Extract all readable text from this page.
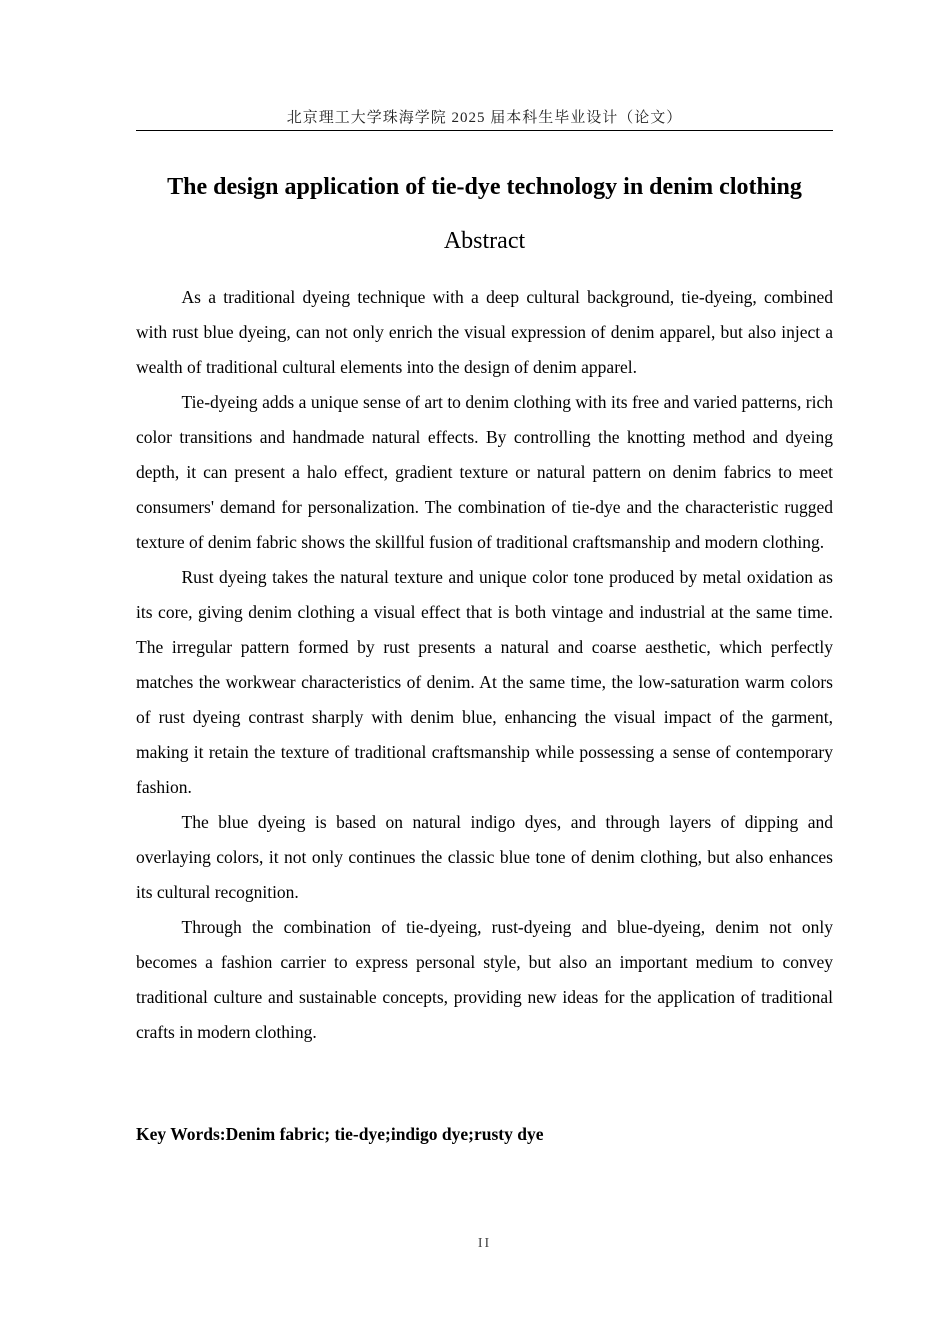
北京理工大学珠海学院 2025 届本科生毕业设计（论文）
The design application of tie-dye technology in denim clothing
Abstract

As a traditional dyeing technique with a deep cultural background, tie-dyeing, combined with rust blue dyeing, can not only enrich the visual expression of denim apparel, but also inject a wealth of traditional cultural elements into the design of denim apparel.

Tie-dyeing adds a unique sense of art to denim clothing with its free and varied patterns, rich color transitions and handmade natural effects. By controlling the knotting method and dyeing depth, it can present a halo effect, gradient texture or natural pattern on denim fabrics to meet consumers' demand for personalization. The combination of tie-dye and the characteristic rugged texture of denim fabric shows the skillful fusion of traditional craftsmanship and modern clothing.

Rust dyeing takes the natural texture and unique color tone produced by metal oxidation as its core, giving denim clothing a visual effect that is both vintage and industrial at the same time. The irregular pattern formed by rust presents a natural and coarse aesthetic, which perfectly matches the workwear characteristics of denim. At the same time, the low-saturation warm colors of rust dyeing contrast sharply with denim blue, enhancing the visual impact of the garment, making it retain the texture of traditional craftsmanship while possessing a sense of contemporary fashion.

The blue dyeing is based on natural indigo dyes, and through layers of dipping and overlaying colors, it not only continues the classic blue tone of denim clothing, but also enhances its cultural recognition.

Through the combination of tie-dyeing, rust-dyeing and blue-dyeing, denim not only becomes a fashion carrier to express personal style, but also an important medium to convey traditional culture and sustainable concepts, providing new ideas for the application of traditional crafts in modern clothing.

Key Words:Denim fabric; tie-dye;indigo dye;rusty dye
II
